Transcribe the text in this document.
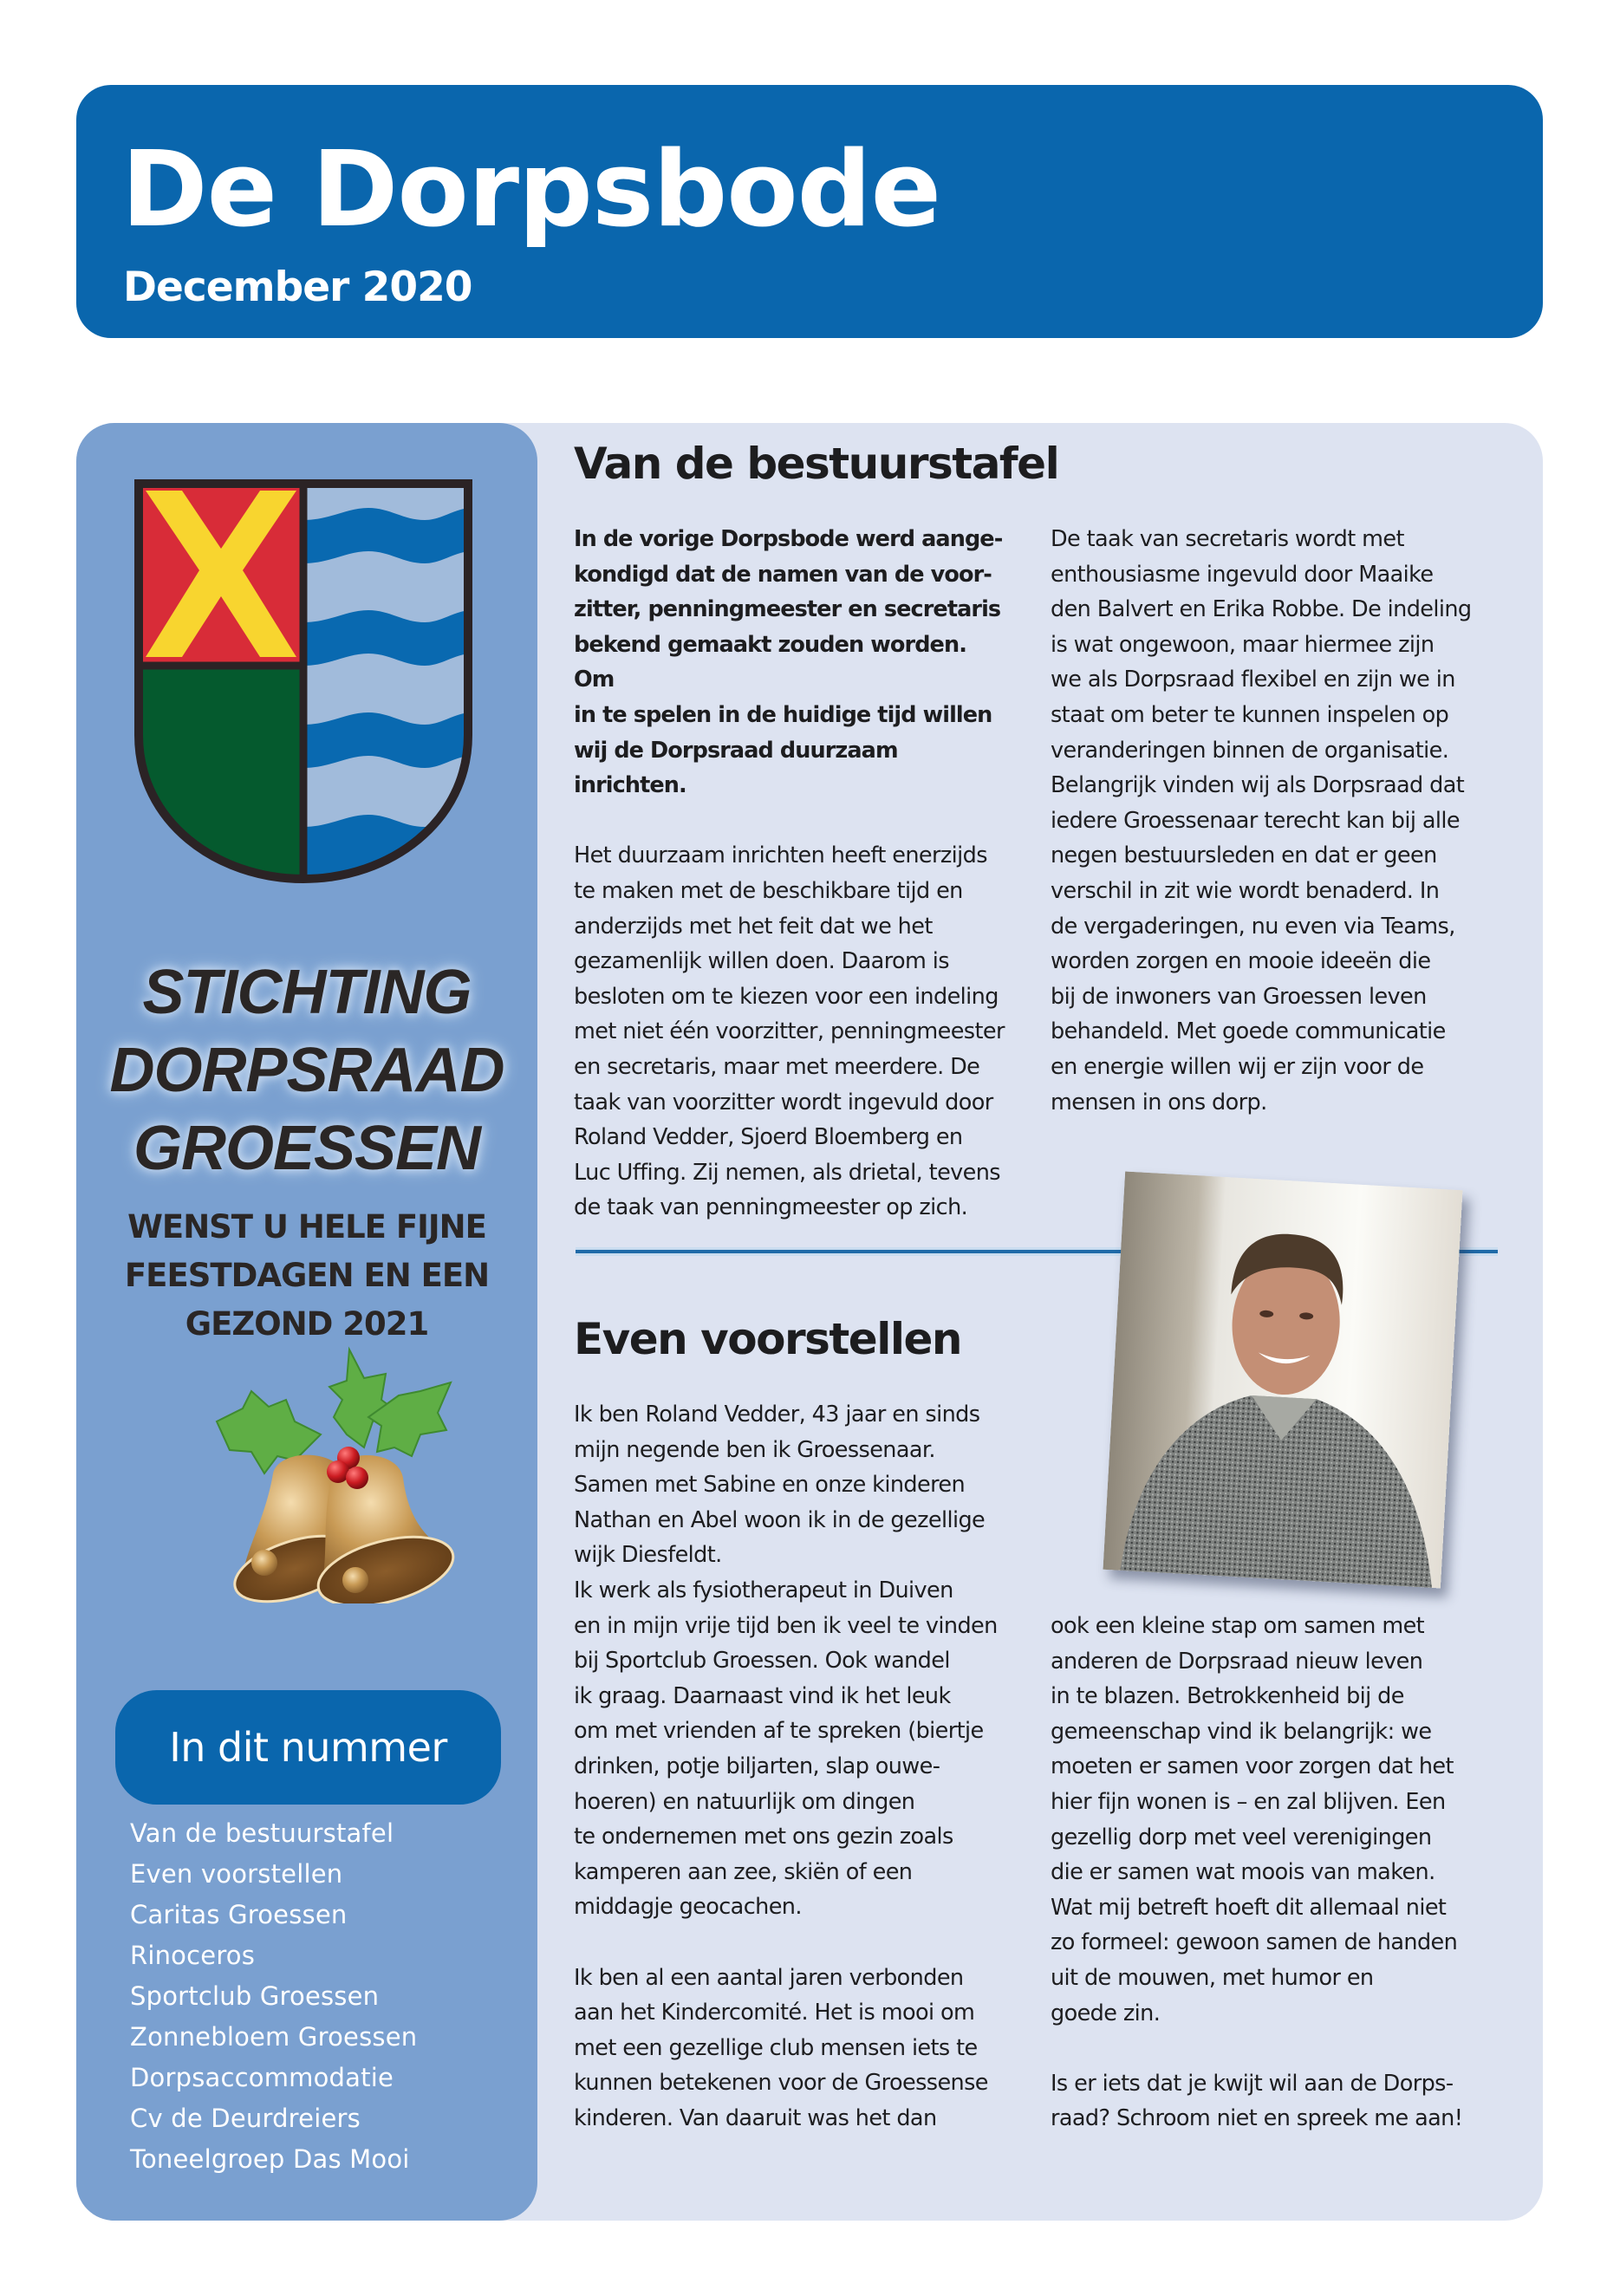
De Dorpsbode
December 2020
STICHTING
DORPSRAAD
GROESSEN
WENST U HELE FIJNE
FEESTDAGEN EN EEN
GEZOND 2021
In dit nummer
Van de bestuurstafel
Even voorstellen
Caritas Groessen
Rinoceros
Sportclub Groessen
Zonnebloem Groessen
Dorpsaccommodatie
Cv de Deurdreiers
Toneelgroep Das Mooi
Van de bestuurstafel

In de vorige Dorpsbode werd aange-
kondigd dat de namen van de voor-
zitter, penningmeester en secretaris
bekend gemaakt zouden worden. Om
in te spelen in de huidige tijd willen
wij de Dorpsraad duurzaam inrichten.

Het duurzaam inrichten heeft enerzijds
te maken met de beschikbare tijd en
anderzijds met het feit dat we het
gezamenlijk willen doen. Daarom is
besloten om te kiezen voor een indeling
met niet één voorzitter, penningmeester
en secretaris, maar met meerdere. De
taak van voorzitter wordt ingevuld door
Roland Vedder, Sjoerd Bloemberg en
Luc Uffing. Zij nemen, als drietal, tevens
de taak van penningmeester op zich.

De taak van secretaris wordt met
enthousiasme ingevuld door Maaike
den Balvert en Erika Robbe. De indeling
is wat ongewoon, maar hiermee zijn
we als Dorpsraad flexibel en zijn we in
staat om beter te kunnen inspelen op
veranderingen binnen de organisatie.
Belangrijk vinden wij als Dorpsraad dat
iedere Groessenaar terecht kan bij alle
negen bestuursleden en dat er geen
verschil in zit wie wordt benaderd. In
de vergaderingen, nu even via Teams,
worden zorgen en mooie ideeën die
bij de inwoners van Groessen leven
behandeld. Met goede communicatie
en energie willen wij er zijn voor de
mensen in ons dorp.

Even voorstellen

Ik ben Roland Vedder, 43 jaar en sinds
mijn negende ben ik Groessenaar.
Samen met Sabine en onze kinderen
Nathan en Abel woon ik in de gezellige
wijk Diesfeldt.
Ik werk als fysiotherapeut in Duiven
en in mijn vrije tijd ben ik veel te vinden
bij Sportclub Groessen. Ook wandel
ik graag. Daarnaast vind ik het leuk
om met vrienden af te spreken (biertje
drinken, potje biljarten, slap ouwe-
hoeren) en natuurlijk om dingen
te ondernemen met ons gezin zoals
kamperen aan zee, skiën of een
middagje geocachen.

Ik ben al een aantal jaren verbonden
aan het Kindercomité. Het is mooi om
met een gezellige club mensen iets te
kunnen betekenen voor de Groessense
kinderen. Van daaruit was het dan

ook een kleine stap om samen met
anderen de Dorpsraad nieuw leven
in te blazen. Betrokkenheid bij de
gemeenschap vind ik belangrijk: we
moeten er samen voor zorgen dat het
hier fijn wonen is – en zal blijven. Een
gezellig dorp met veel verenigingen
die er samen wat moois van maken.
Wat mij betreft hoeft dit allemaal niet
zo formeel: gewoon samen de handen
uit de mouwen, met humor en
goede zin.

Is er iets dat je kwijt wil aan de Dorps-
raad? Schroom niet en spreek me aan!
